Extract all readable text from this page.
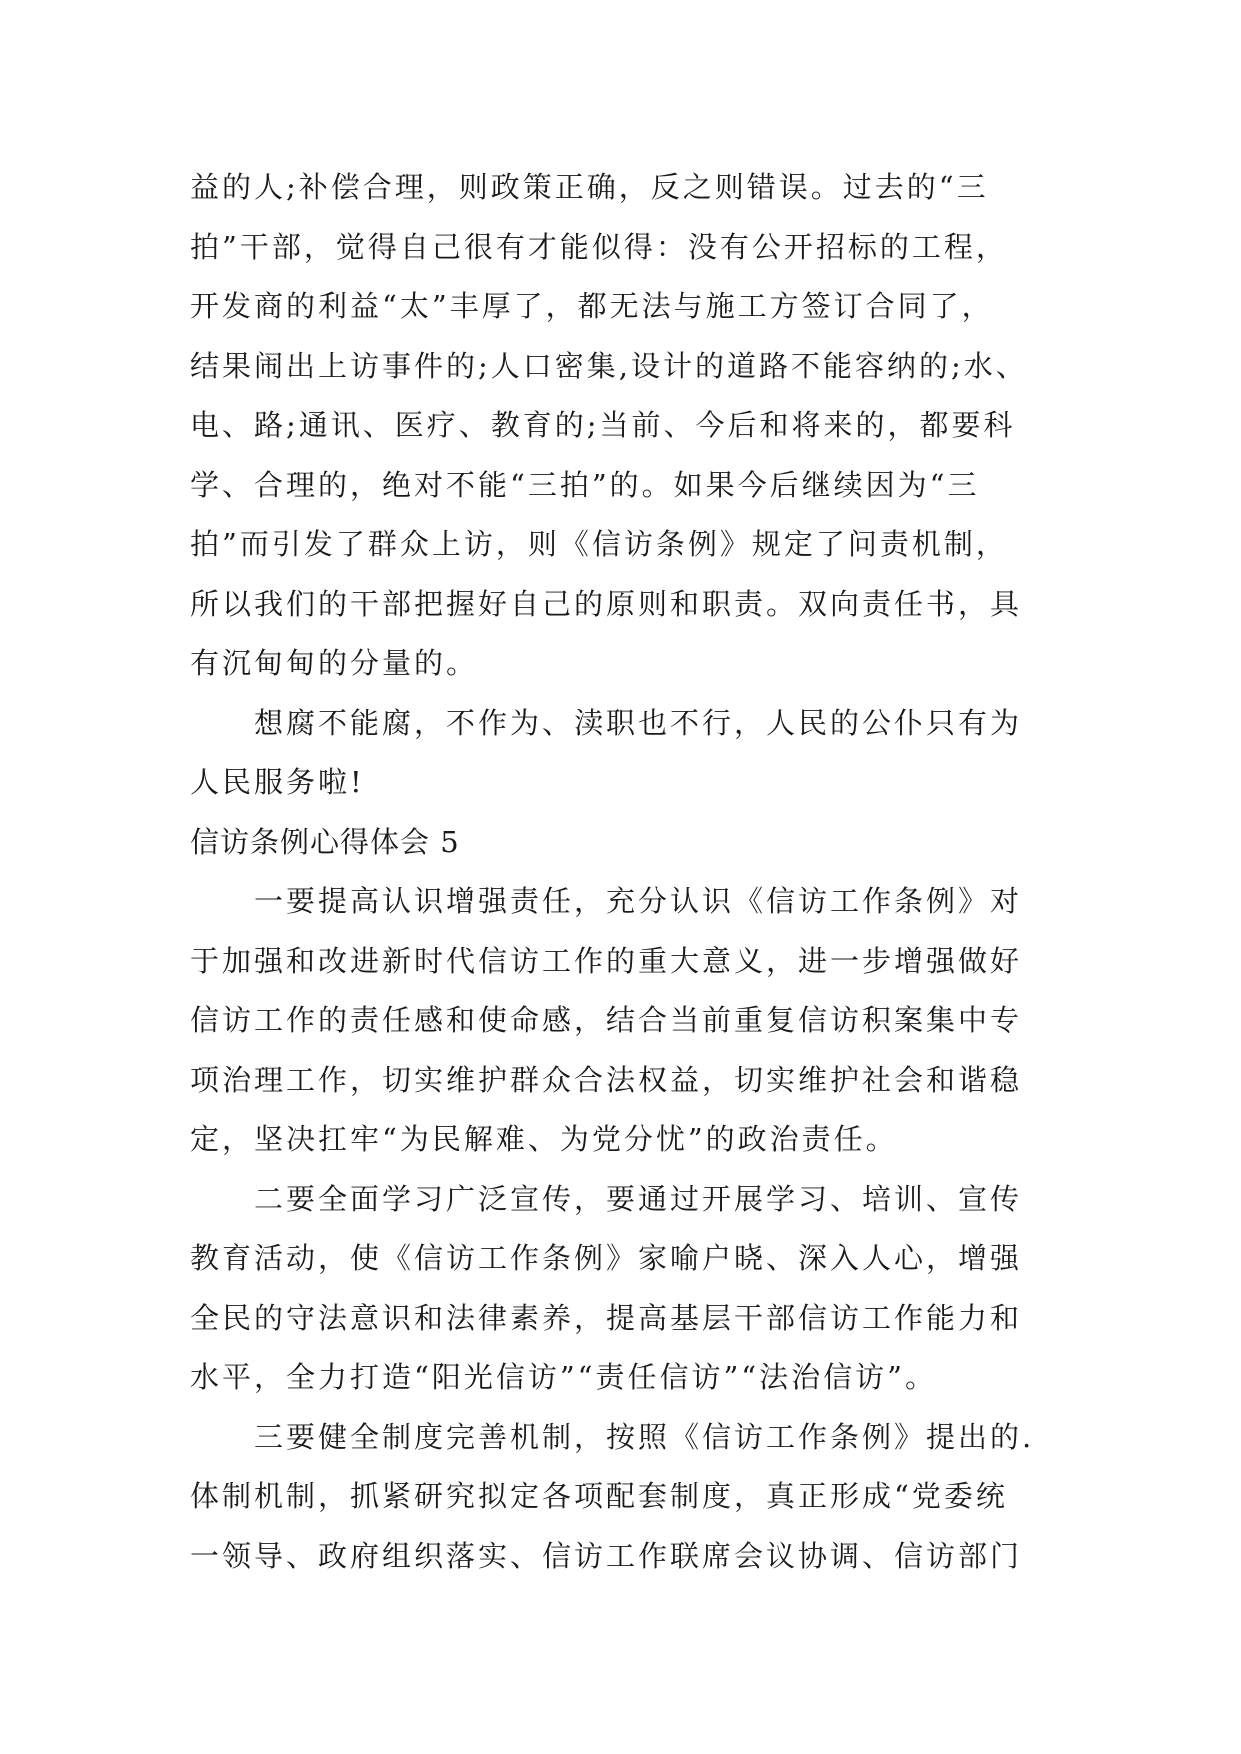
益的人;补偿合理，则政策正确，反之则错误。过去的“三
拍”干部，觉得自己很有才能似得：没有公开招标的工程，
开发商的利益“太”丰厚了，都无法与施工方签订合同了，
结果闹出上访事件的;人口密集,设计的道路不能容纳的;水、
电、路;通讯、医疗、教育的;当前、今后和将来的，都要科
学、合理的，绝对不能“三拍”的。如果今后继续因为“三
拍”而引发了群众上访，则《信访条例》规定了问责机制，
所以我们的干部把握好自己的原则和职责。双向责任书，具
有沉甸甸的分量的。
想腐不能腐，不作为、渎职也不行，人民的公仆只有为
人民服务啦!
信访条例心得体会 5
一要提高认识增强责任，充分认识《信访工作条例》对
于加强和改进新时代信访工作的重大意义，进一步增强做好
信访工作的责任感和使命感，结合当前重复信访积案集中专
项治理工作，切实维护群众合法权益，切实维护社会和谐稳
定，坚决扛牢“为民解难、为党分忧”的政治责任。
二要全面学习广泛宣传，要通过开展学习、培训、宣传
教育活动，使《信访工作条例》家喻户晓、深入人心，增强
全民的守法意识和法律素养，提高基层干部信访工作能力和
水平，全力打造“阳光信访”“责任信访”“法治信访”。
三要健全制度完善机制，按照《信访工作条例》提出的.
体制机制，抓紧研究拟定各项配套制度，真正形成“党委统
一领导、政府组织落实、信访工作联席会议协调、信访部门
